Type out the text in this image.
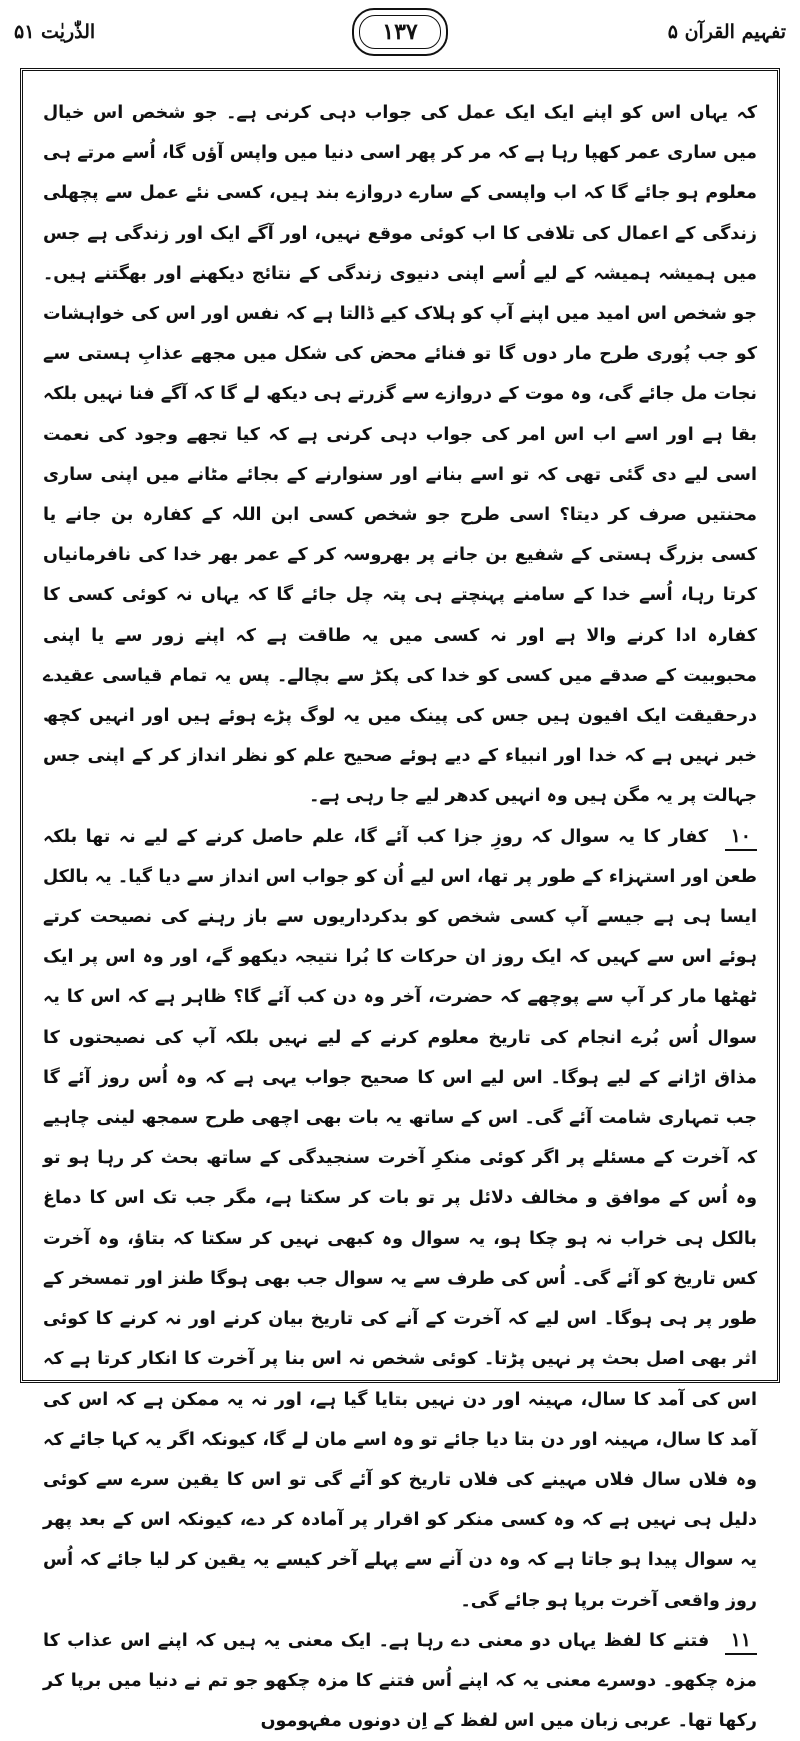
تفہیم القرآن ۵
۱۳۷
الذّٰریٰت ۵۱

کہ یہاں اس کو اپنے ایک ایک عمل کی جواب دہی کرنی ہے۔ جو شخص اس خیال میں ساری عمر کھپا رہا ہے کہ مر کر پھر اسی دنیا میں واپس آؤں گا، اُسے مرتے ہی معلوم ہو جائے گا کہ اب واپسی کے سارے دروازے بند ہیں، کسی نئے عمل سے پچھلی زندگی کے اعمال کی تلافی کا اب کوئی موقع نہیں، اور آگے ایک اور زندگی ہے جس میں ہمیشہ ہمیشہ کے لیے اُسے اپنی دنیوی زندگی کے نتائج دیکھنے اور بھگتنے ہیں۔ جو شخص اس امید میں اپنے آپ کو ہلاک کیے ڈالتا ہے کہ نفس اور اس کی خواہشات کو جب پُوری طرح مار دوں گا تو فنائے محض کی شکل میں مجھے عذابِ ہستی سے نجات مل جائے گی، وہ موت کے دروازے سے گزرتے ہی دیکھ لے گا کہ آگے فنا نہیں بلکہ بقا ہے اور اسے اب اس امر کی جواب دہی کرنی ہے کہ کیا تجھے وجود کی نعمت اسی لیے دی گئی تھی کہ تو اسے بنانے اور سنوارنے کے بجائے مٹانے میں اپنی ساری محنتیں صرف کر دیتا؟ اسی طرح جو شخص کسی ابن اللہ کے کفارہ بن جانے یا کسی بزرگ ہستی کے شفیع بن جانے پر بھروسہ کر کے عمر بھر خدا کی نافرمانیاں کرتا رہا، اُسے خدا کے سامنے پہنچتے ہی پتہ چل جائے گا کہ یہاں نہ کوئی کسی کا کفارہ ادا کرنے والا ہے اور نہ کسی میں یہ طاقت ہے کہ اپنے زور سے یا اپنی محبوبیت کے صدقے میں کسی کو خدا کی پکڑ سے بچالے۔ پس یہ تمام قیاسی عقیدے درحقیقت ایک افیون ہیں جس کی پینک میں یہ لوگ پڑے ہوئے ہیں اور انہیں کچھ خبر نہیں ہے کہ خدا اور انبیاء کے دیے ہوئے صحیح علم کو نظر انداز کر کے اپنی جس جہالت پر یہ مگن ہیں وہ انہیں کدھر لیے جا رہی ہے۔

۱۰ کفار کا یہ سوال کہ روزِ جزا کب آئے گا، علم حاصل کرنے کے لیے نہ تھا بلکہ طعن اور استہزاء کے طور پر تھا، اس لیے اُن کو جواب اس انداز سے دیا گیا۔ یہ بالکل ایسا ہی ہے جیسے آپ کسی شخص کو بدکرداریوں سے باز رہنے کی نصیحت کرتے ہوئے اس سے کہیں کہ ایک روز ان حرکات کا بُرا نتیجہ دیکھو گے، اور وہ اس پر ایک ٹھٹھا مار کر آپ سے پوچھے کہ حضرت، آخر وہ دن کب آئے گا؟ ظاہر ہے کہ اس کا یہ سوال اُس بُرے انجام کی تاریخ معلوم کرنے کے لیے نہیں بلکہ آپ کی نصیحتوں کا مذاق اڑانے کے لیے ہوگا۔ اس لیے اس کا صحیح جواب یہی ہے کہ وہ اُس روز آئے گا جب تمہاری شامت آئے گی۔ اس کے ساتھ یہ بات بھی اچھی طرح سمجھ لینی چاہیے کہ آخرت کے مسئلے پر اگر کوئی منکرِ آخرت سنجیدگی کے ساتھ بحث کر رہا ہو تو وہ اُس کے موافق و مخالف دلائل پر تو بات کر سکتا ہے، مگر جب تک اس کا دماغ بالکل ہی خراب نہ ہو چکا ہو، یہ سوال وہ کبھی نہیں کر سکتا کہ بتاؤ، وہ آخرت کس تاریخ کو آئے گی۔ اُس کی طرف سے یہ سوال جب بھی ہوگا طنز اور تمسخر کے طور پر ہی ہوگا۔ اس لیے کہ آخرت کے آنے کی تاریخ بیان کرنے اور نہ کرنے کا کوئی اثر بھی اصل بحث پر نہیں پڑتا۔ کوئی شخص نہ اس بنا پر آخرت کا انکار کرتا ہے کہ اس کی آمد کا سال، مہینہ اور دن نہیں بتایا گیا ہے، اور نہ یہ ممکن ہے کہ اس کی آمد کا سال، مہینہ اور دن بتا دیا جائے تو وہ اسے مان لے گا، کیونکہ اگر یہ کہا جائے کہ وہ فلاں سال فلاں مہینے کی فلاں تاریخ کو آئے گی تو اس کا یقین سرے سے کوئی دلیل ہی نہیں ہے کہ وہ کسی منکر کو اقرار پر آمادہ کر دے، کیونکہ اس کے بعد پھر یہ سوال پیدا ہو جاتا ہے کہ وہ دن آنے سے پہلے آخر کیسے یہ یقین کر لیا جائے کہ اُس روز واقعی آخرت برپا ہو جائے گی۔

۱۱ فتنے کا لفظ یہاں دو معنی دے رہا ہے۔ ایک معنی یہ ہیں کہ اپنے اس عذاب کا مزہ چکھو۔ دوسرے معنی یہ کہ اپنے اُس فتنے کا مزہ چکھو جو تم نے دنیا میں برپا کر رکھا تھا۔ عربی زبان میں اس لفظ کے اِن دونوں مفہوموں
